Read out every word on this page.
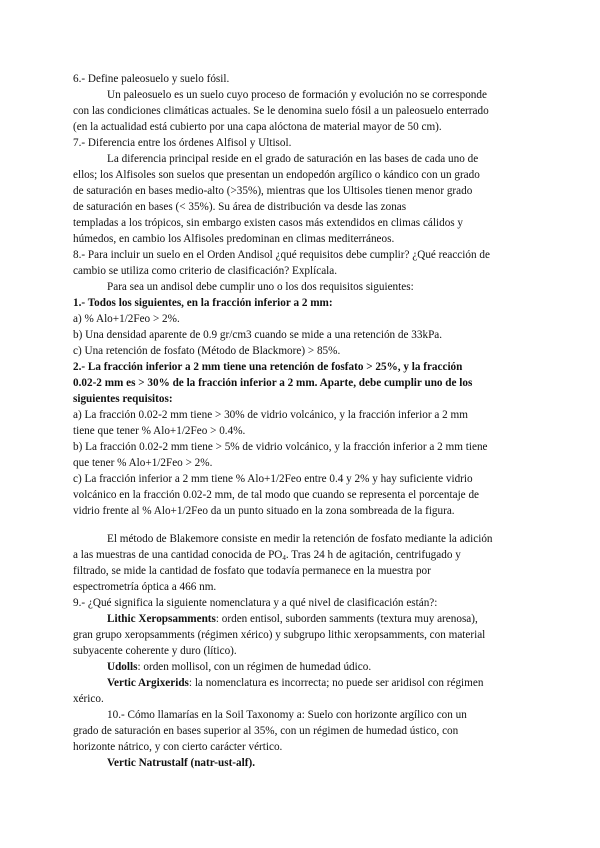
6.- Define paleosuelo y suelo fósil.
Un paleosuelo es un suelo cuyo proceso de formación y evolución no se corresponde
con las condiciones climáticas actuales. Se le denomina suelo fósil a un paleosuelo enterrado
(en la actualidad está cubierto por una capa alóctona de material mayor de 50 cm).
7.- Diferencia entre los órdenes Alfisol y Ultisol.
La diferencia principal reside en el grado de saturación en las bases de cada uno de
ellos; los Alfisoles son suelos que presentan un endopedón argílico o kándico con un grado
de saturación en bases medio-alto (>35%), mientras que los Ultisoles tienen menor grado
de saturación en bases (< 35%). Su área de distribución va desde las zonas
templadas a los trópicos, sin embargo existen casos más extendidos en climas cálidos y
húmedos, en cambio los Alfisoles predominan en climas mediterráneos.
8.- Para incluir un suelo en el Orden Andisol ¿qué requisitos debe cumplir? ¿Qué reacción de
cambio se utiliza como criterio de clasificación? Explícala.
Para sea un andisol debe cumplir uno o los dos requisitos siguientes:
1.- Todos los siguientes, en la fracción inferior a 2 mm:
a) % Alo+1/2Feo > 2%.
b) Una densidad aparente de 0.9 gr/cm3 cuando se mide a una retención de 33kPa.
c) Una retención de fosfato (Método de Blackmore) > 85%.
2.- La fracción inferior a 2 mm tiene una retención de fosfato > 25%, y la fracción
0.02-2 mm es > 30% de la fracción inferior a 2 mm. Aparte, debe cumplir uno de los
siguientes requisitos:
a) La fracción 0.02-2 mm tiene > 30% de vidrio volcánico, y la fracción inferior a 2 mm
tiene que tener % Alo+1/2Feo > 0.4%.
b) La fracción 0.02-2 mm tiene > 5% de vidrio volcánico, y la fracción inferior a 2 mm tiene
que tener % Alo+1/2Feo > 2%.
c) La fracción inferior a 2 mm tiene % Alo+1/2Feo entre 0.4 y 2% y hay suficiente vidrio
volcánico en la fracción 0.02-2 mm, de tal modo que cuando se representa el porcentaje de
vidrio frente al % Alo+1/2Feo da un punto situado en la zona sombreada de la figura.
El método de Blakemore consiste en medir la retención de fosfato mediante la adición
a las muestras de una cantidad conocida de $PO_4$. Tras 24 h de agitación, centrifugado y
filtrado, se mide la cantidad de fosfato que todavía permanece en la muestra por
espectrometría óptica a 466 nm.
9.- ¿Qué significa la siguiente nomenclatura y a qué nivel de clasificación están?:
Lithic Xeropsamments: orden entisol, suborden samments (textura muy arenosa),
gran grupo xeropsamments (régimen xérico) y subgrupo lithic xeropsamments, con material
subyacente coherente y duro (lítico).
Udolls: orden mollisol, con un régimen de humedad údico.
Vertic Argixerids: la nomenclatura es incorrecta; no puede ser aridisol con régimen
xérico.
10.- Cómo llamarías en la Soil Taxonomy a: Suelo con horizonte argílico con un
grado de saturación en bases superior al 35%, con un régimen de humedad ústico, con
horizonte nátrico, y con cierto carácter vértico.
Vertic Natrustalf (natr-ust-alf).
